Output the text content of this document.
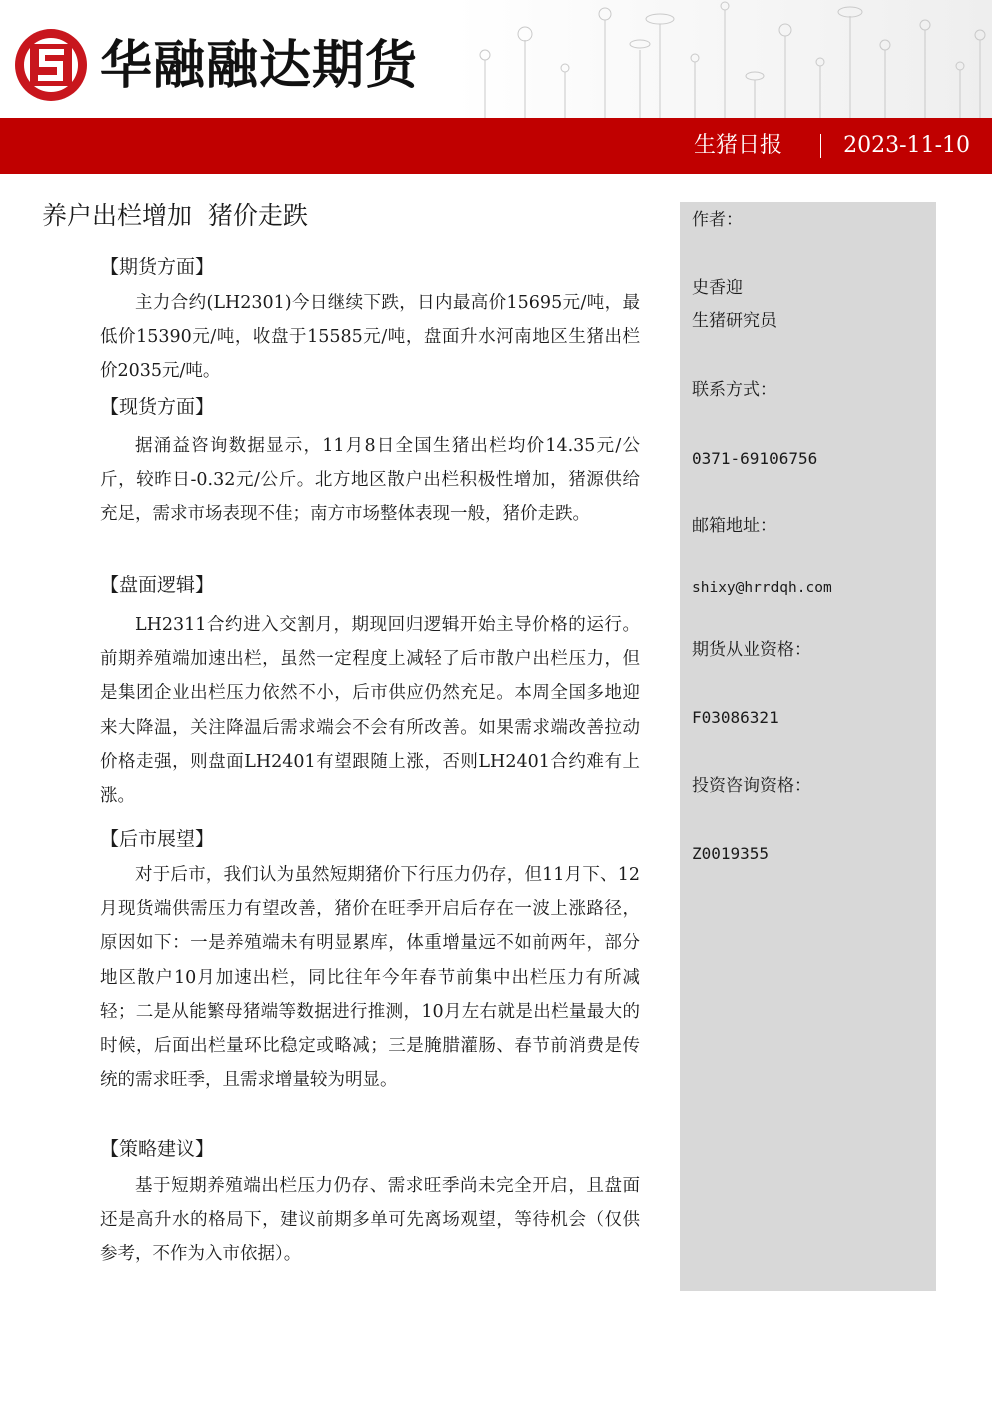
华融融达期货
生猪日报	2023-11-10
养户出栏增加  猪价走跌
【期货方面】
主力合约(LH2301)今日继续下跌，日内最高价15695元/吨，最低价15390元/吨，收盘于15585元/吨，盘面升水河南地区生猪出栏价2035元/吨。
【现货方面】
据涌益咨询数据显示，11月8日全国生猪出栏均价14.35元/公斤，较昨日-0.32元/公斤。北方地区散户出栏积极性增加，猪源供给充足，需求市场表现不佳；南方市场整体表现一般，猪价走跌。
【盘面逻辑】
LH2311合约进入交割月，期现回归逻辑开始主导价格的运行。前期养殖端加速出栏，虽然一定程度上减轻了后市散户出栏压力，但是集团企业出栏压力依然不小，后市供应仍然充足。本周全国多地迎来大降温，关注降温后需求端会不会有所改善。如果需求端改善拉动价格走强，则盘面LH2401有望跟随上涨，否则LH2401合约难有上涨。
【后市展望】
对于后市，我们认为虽然短期猪价下行压力仍存，但11月下、12月现货端供需压力有望改善，猪价在旺季开启后存在一波上涨路径，原因如下：一是养殖端未有明显累库，体重增量远不如前两年，部分地区散户10月加速出栏，同比往年今年春节前集中出栏压力有所减轻；二是从能繁母猪端等数据进行推测，10月左右就是出栏量最大的时候，后面出栏量环比稳定或略减；三是腌腊灌肠、春节前消费是传统的需求旺季，且需求增量较为明显。
【策略建议】
基于短期养殖端出栏压力仍存、需求旺季尚未完全开启，且盘面还是高升水的格局下，建议前期多单可先离场观望，等待机会（仅供参考，不作为入市依据）。
作者：
史香迎
生猪研究员
联系方式：
0371-69106756
邮箱地址：
shixy@hrrdqh.com
期货从业资格：
F03086321
投资咨询资格：
Z0019355
